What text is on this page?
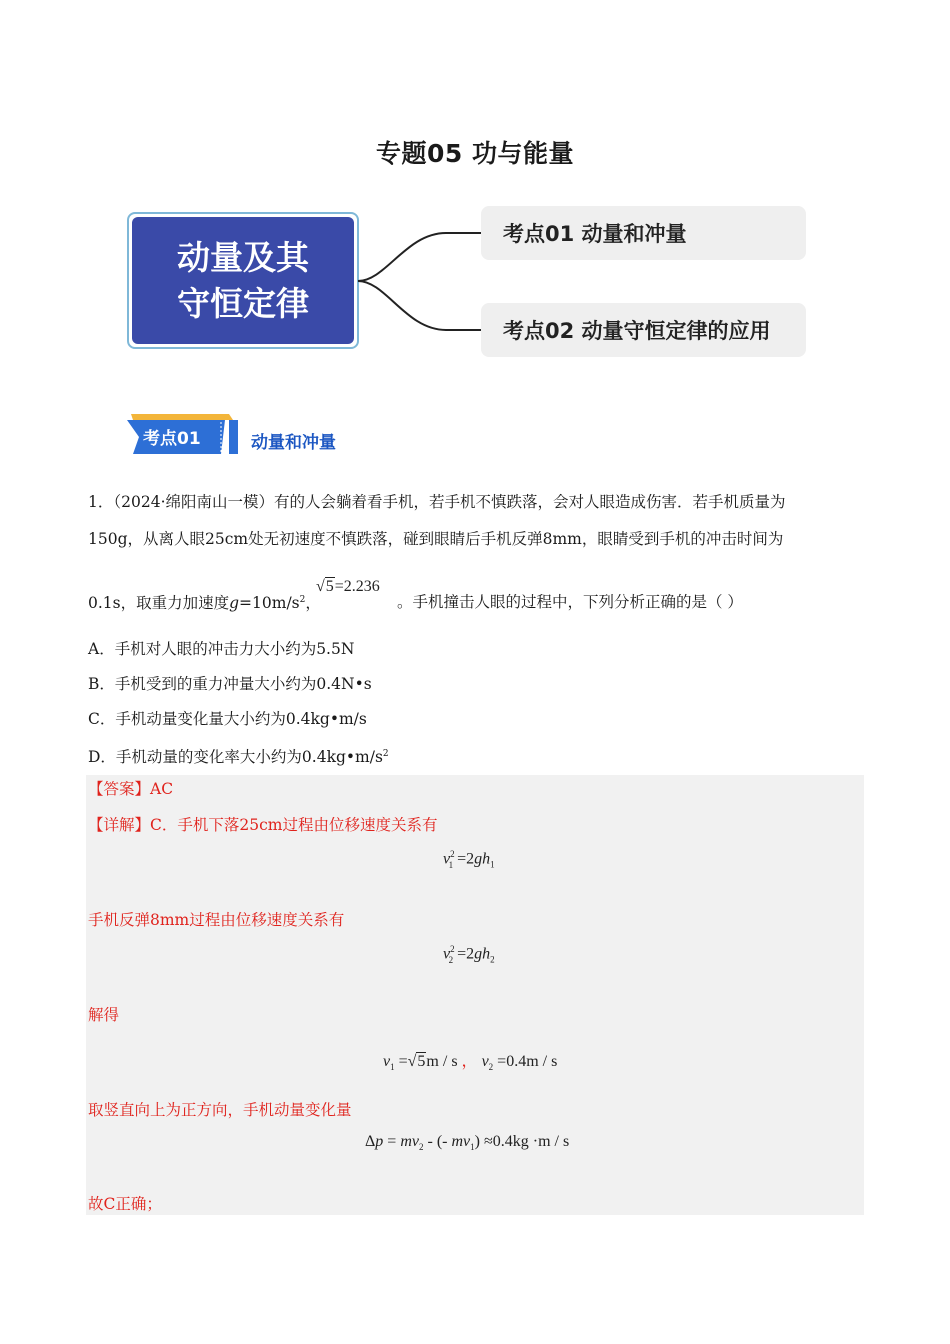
专题05 功与能量
动量及其
守恒定律
考点01 动量和冲量
考点02 动量守恒定律的应用
考点01	动量和冲量
1．（2024·绵阳南山一模）有的人会躺着看手机，若手机不慎跌落，会对人眼造成伤害．若手机质量为
150g，从离人眼25cm处无初速度不慎跌落，碰到眼睛后手机反弹8mm，眼睛受到手机的冲击时间为
0.1s，取重力加速度$g=10m/s^2$，
√5=2.236
。手机撞击人眼的过程中，下列分析正确的是（ ）
A．手机对人眼的冲击力大小约为5.5N
B．手机受到的重力冲量大小约为0.4N•s
C．手机动量变化量大小约为0.4kg•m/s
D．手机动量的变化率大小约为$0.4kg•m/s^2$
【答案】AC
【详解】C．手机下落25cm过程由位移速度关系有
$v^2_1 =2gh_1$
手机反弹8mm过程由位移速度关系有
$v^2_2 =2gh_2$
解得
$v_1 =√5m / s$ ， $v_2 =0.4m / s$
取竖直向上为正方向，手机动量变化量
$\Delta p = mv_2$ - (- $mv_1) \approx 0.4kg \cdot m / s$
故C正确；
